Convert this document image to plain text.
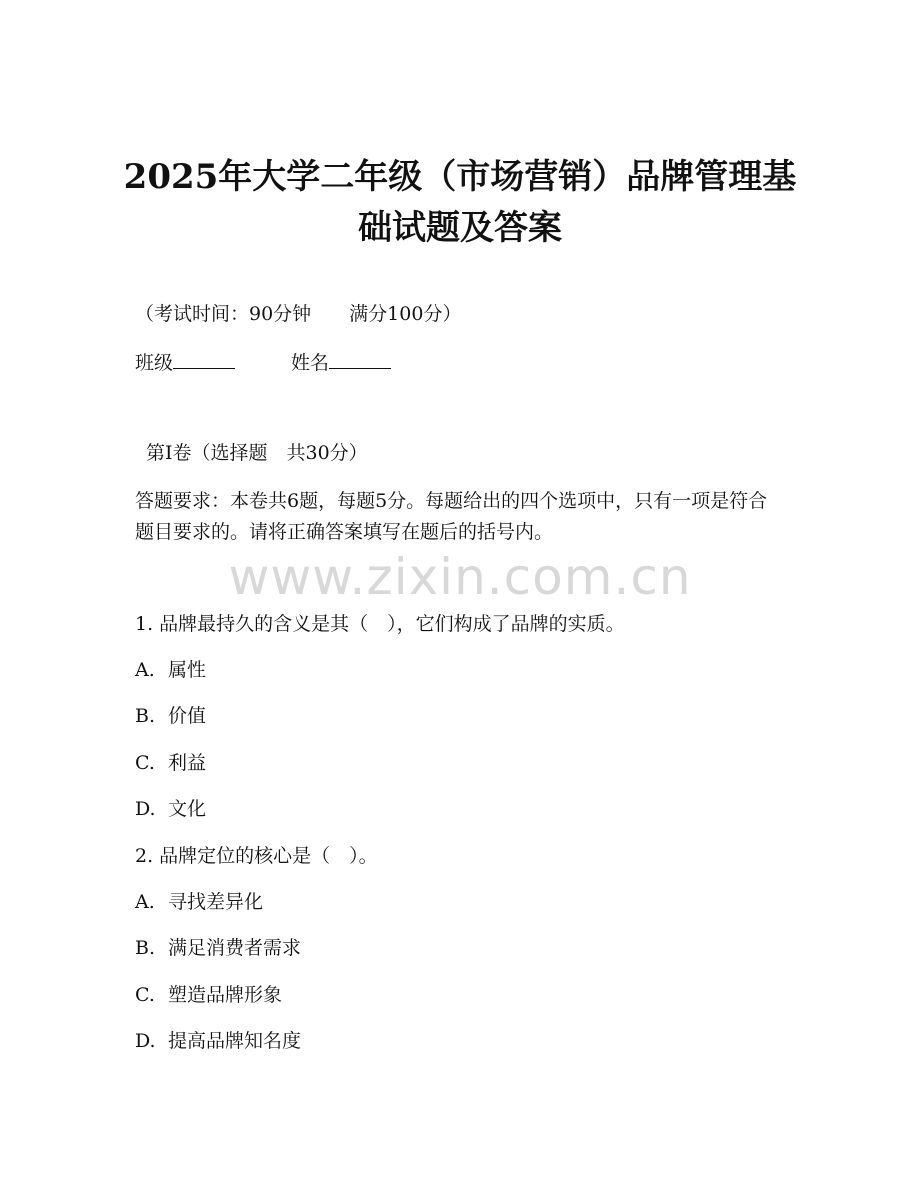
2025年大学二年级（市场营销）品牌管理基础试题及答案
（考试时间：90分钟　　满分100分）
班级	姓名
第Ⅰ卷（选择题　共30分）
答题要求：本卷共6题，每题5分。每题给出的四个选项中，只有一项是符合题目要求的。请将正确答案填写在题后的括号内。
www.zixin.com.cn
1. 品牌最持久的含义是其（　），它们构成了品牌的实质。
A. 属性
B. 价值
C. 利益
D. 文化
2. 品牌定位的核心是（　）。
A. 寻找差异化
B. 满足消费者需求
C. 塑造品牌形象
D. 提高品牌知名度
